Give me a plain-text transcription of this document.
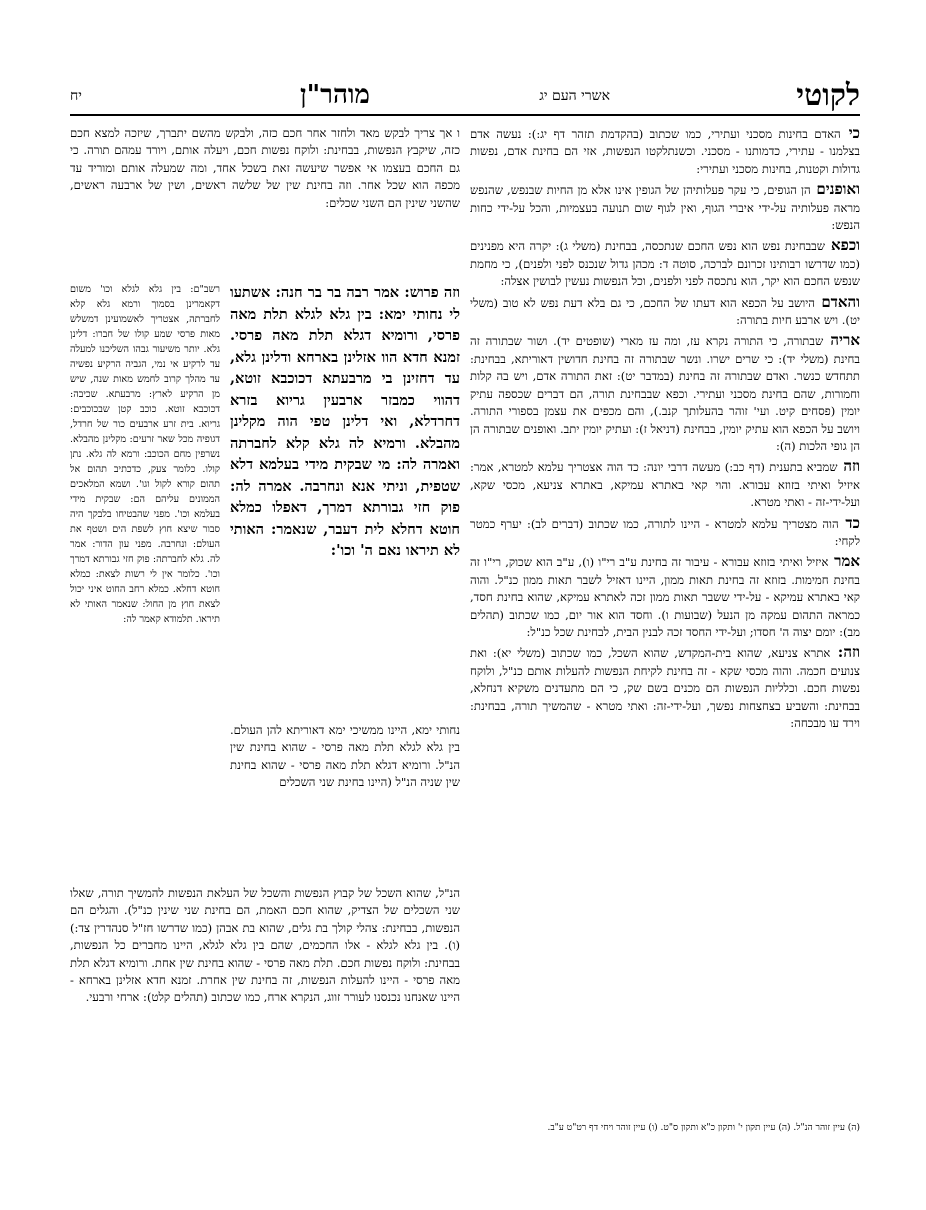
לקוטי
אשרי העם יג
מוהר"ן
יח

כי האדם בחינות מסכני ועתירי, כמו שכתוב (בהקדמת תזהר דף יג:): נעשה אדם בצלמנו - עתירי, כדמותנו - מסכני. וכשנתלקטו הנפשות, אזי הם בחינת אדם, נפשות גדולות וקטנות, בחינות מסכני ועתירי:

ואופנים הן הגופים, כי עקר פעלותיהן של הגופין אינו אלא מן החיות שבנפש, שהנפש מראה פעלותיה על-ידי איברי הגוף, ואין לגוף שום תנועה בעצמיות, והכל על-ידי כחות הנפש:

וכפא שבבחינת נפש הוא נפש החכם שנתכסה, בבחינת (משלי ג): יקרה היא מפנינים (כמו שדרשו רבותינו זכרונם לברכה, סוטה ד: מכהן גדול שנכנס לפני ולפנים), כי מחמת שנפש החכם הוא יקר, הוא נתכסה לפני ולפנים, וכל הנפשות נעשין לבושין אצלה:

והאדם היושב על הכפא הוא דעתו של החכם, כי גם בלא דעת נפש לא טוב (משלי יט). ויש ארבע חיות בתורה:

אריה שבתורה, כי התורה נקרא עז, ומה עז מארי (שופטים יד). ושור שבתורה זה בחינת (משלי יד): כי שרים ישרו. ונשר שבתורה זה בחינת חדושין דאוריתא, בבחינת: תתחדש כנשר. ואדם שבתורה זה בחינת (במדבר יט): זאת התורה אדם, ויש בה קלות וחמורות, שהם בחינת מסכני ועתירי. וכפא שבבחינת תורה, הם דברים שכספה עתיק יומין (פסחים קיט. ועי' זוהר בהעלותך קנב.), והם מכפים את עצמן בספורי התורה. ויושב על הכפא הוא עתיק יומין, בבחינת (דניאל ז): ועתיק יומין יתב. ואופנים שבתורה הן הן גופי הלכות (ה):

וזה שמביא בתענית (דף כב:) מעשה דרבי יונה: כד הוה אצטריך עלמא למטרא, אמר: איזיל ואיתי בזוזא עבורא. והוי קאי באתרא עמיקא, באתרא צניעא, מכסי שקא, ועל-ידי-זה - ואתי מטרא.

כד הוה מצטריך עלמא למטרא - היינו לתורה, כמו שכתוב (דברים לב): יערף כמטר לקחי:

אמר איזיל ואיתי בזוזא עבורא - עיבור זה בחינת ע"ב רי"ו (ו), ע"ב הוא שכוק, רי"ו זה בחינת חמימות. בזוזא זה בחינת תאות ממון, היינו דאזיל לשבר תאות ממון כנ"ל. והוה קאי באתרא עמיקא - על-ידי ששבר תאות ממון זכה לאתרא עמיקא, שהוא בחינת חסד, כמראה התהום עמקה מן הנעל (שבועות ו). וחסד הוא אור יום, כמו שכתוב (תהלים מב): יומם יצוה ה' חסדו; ועל-ידי החסד זכה לבנין הבית, לבחינת שכל כנ"ל:

וזה: אתרא צניעא, שהוא בית-המקדש, שהוא השכל, כמו שכתוב (משלי יא): ואת צנועים חכמה. והוה מכסי שקא - זה בחינת לקיחת הנפשות להעלות אותם כנ"ל, ולוקח נפשות חכם. וכלליות הנפשות הם מכנים בשם שק, כי הם מתעדנים משקיא דנחלא, בבחינת: והשביע בצחצחות נפשך, ועל-ידי-זה: ואתי מטרא - שהמשיך תורה, בבחינת: וירד עו מבכחה:

ו אך צריך לבקש מאד ולחזר אחר חכם כזה, ולבקש מהשם יתברך, שיזכה למצא חכם כזה, שיקבץ הנפשות, בבחינת: ולוקח נפשות חכם, ויעלה אותם, ויורד עמהם תורה. כי גם החכם בעצמו אי אפשר שיעשה זאת בשכל אחד, ומה שמעלה אותם ומוריד עד מכפה הוא שכל אחר. וזה בחינת שין של שלשה ראשים, ושין של ארבעה ראשים, שהשני שינין הם השני שכלים:

וזה פרוש: אמר רבה בר בר חנה: אשתעו לי נחותי ימא: בין גלא לגלא תלת מאה פרסי, ורומיא דגלא תלת מאה פרסי. זמנא חדא הוו אזלינן בארחא ודלינן גלא, עד דחזינן בי מרבעתא דכוכבא זוטא, דהווי כמבזר ארבעין גריוא בזרא דחרדלא, ואי דלינן טפי הוה מקלינן מהבלא. ורמיא לה גלא קלא לחברתה ואמרה לה: מי שבקית מידי בעלמא דלא שטפית, וניתי אנא ונחרבה. אמרה לה: פוק חזי גבורתא דמרך, דאפלו כמלא חוטא דחלא לית דעבר, שנאמר: האותי לא תיראו נאם ה' וכו':
רשב"ם: בין גלא לגלא וכו' משום דקאמרינן בסמוך ורמא גלא קלא לחברתה, אצטריך לאשמועינן דמשלש מאות פרסי שמע קולו של חברו: דלינן גלא. יותר משיעור גבהו השליכנו למעלה עד לרקיע אי נמי, הגביה הרקיע נפשיה עד מהלך קרוב לחמש מאות שנה, שיש מן הרקיע לארץ: מרבעתא. שכיבה: דכוכבא זוטא. כוכב קטן שבכוכבים: גריוא. בית זרע ארבעים כור של חרדל, דגופיה מכל שאר זרעים: מקלינן מהבלא. נשרפין מחם הכוכב: ורמא לה גלא. נתן קולו. כלומר צעק, כדכתיב תהום אל תהום קורא לקול וגו'. ושמא המלאכים הממונים עליהם הם: שבקית מידי בעלמא וכו'. מפני שהבטיחו בלבקך היה סבור שיצא חוץ לשפת הים ושטף את העולם: ונחרבה. מפני עון הדור: אמר לה. גלא לחברתה: פוק חזי גבורתא דמרך וכו'. כלומר אין לי רשות לצאת: כמלא חוטא דחלא. כמלא רחב החוט איני יכול לצאת חוץ מן החול: שנאמר האותי לא תיראו. תלמודא קאמר לה:
נחותי ימא, היינו ממשיכי ימא דאוריתא להן העולם. בין גלא לגלא תלת מאה פרסי - שהוא בחינת שין הנ"ל. ורומיא דגלא תלת מאה פרסי - שהוא בחינת שין שניה הנ"ל (היינו בחינת שני השכלים
הנ"ל, שהוא השכל של קבוץ הנפשות והשכל של העלאת הנפשות להמשיך תורה, שאלו שני השכלים של הצדיק, שהוא חכם האמת, הם בחינת שני שינין כנ"ל). והגלים הם הנפשות, בבחינת: צהלי קולך בת גלים, שהוא בת אבהן (כמו שדרשו חז"ל סנהדרין צד:) (ו). בין גלא לגלא - אלו החכמים, שהם בין גלא לגלא, היינו מחברים כל הנפשות, בבחינת: ולוקח נפשות חכם. תלת מאה פרסי - שהוא בחינת שין אחת. ורומיא דגלא תלת מאה פרסי - היינו להעלות הנפשות, זה בחינת שין אחרת. זמנא חדא אזלינן בארחא - היינו שאנחנו נכנסנו לעורר זווג, הנקרא ארח, כמו שכתוב (תהלים קלט): ארחי ורבעי.
(ה) עיין זוהר הנ"ל. (ה) עיין תקון י' ותקון כ"א ותקון ס"ט. (ו) עיין זוהר ויחי דף רט"ט ע"ב.
